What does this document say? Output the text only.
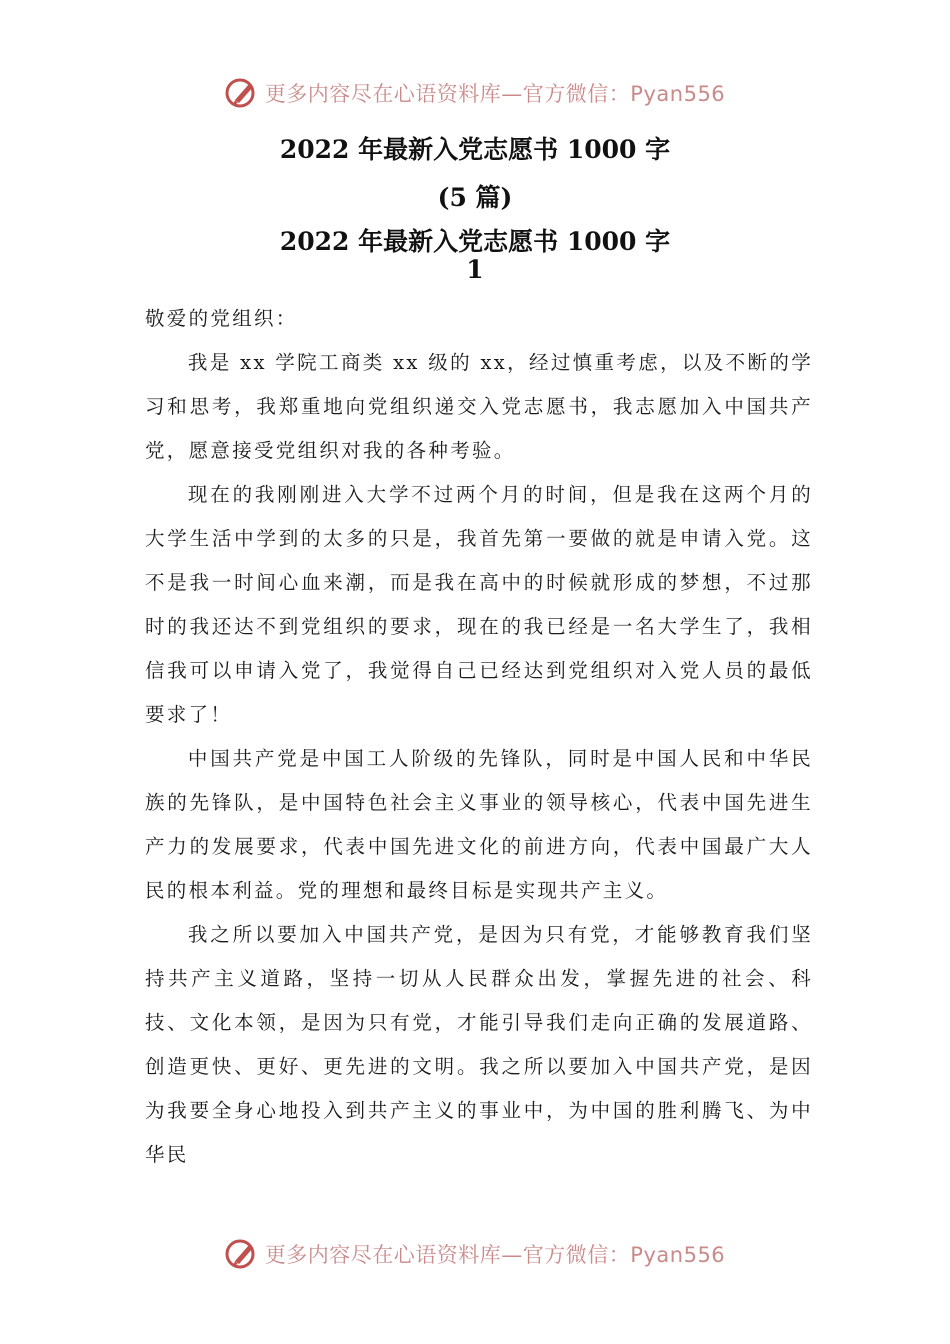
更多内容尽在心语资料库—官方微信：Pyan556
2022 年最新入党志愿书 1000 字
(5 篇)
2022 年最新入党志愿书 1000 字
1

敬爱的党组织：

我是 xx 学院工商类 xx 级的 xx，经过慎重考虑，以及不断的学习和思考，我郑重地向党组织递交入党志愿书，我志愿加入中国共产党，愿意接受党组织对我的各种考验。

现在的我刚刚进入大学不过两个月的时间，但是我在这两个月的大学生活中学到的太多的只是，我首先第一要做的就是申请入党。这不是我一时间心血来潮，而是我在高中的时候就形成的梦想，不过那时的我还达不到党组织的要求，现在的我已经是一名大学生了，我相信我可以申请入党了，我觉得自己已经达到党组织对入党人员的最低要求了！

中国共产党是中国工人阶级的先锋队，同时是中国人民和中华民族的先锋队，是中国特色社会主义事业的领导核心，代表中国先进生产力的发展要求，代表中国先进文化的前进方向，代表中国最广大人民的根本利益。党的理想和最终目标是实现共产主义。

我之所以要加入中国共产党，是因为只有党，才能够教育我们坚持共产主义道路，坚持一切从人民群众出发，掌握先进的社会、科技、文化本领，是因为只有党，才能引导我们走向正确的发展道路、创造更快、更好、更先进的文明。我之所以要加入中国共产党，是因为我要全身心地投入到共产主义的事业中，为中国的胜利腾飞、为中华民

更多内容尽在心语资料库—官方微信：Pyan556
